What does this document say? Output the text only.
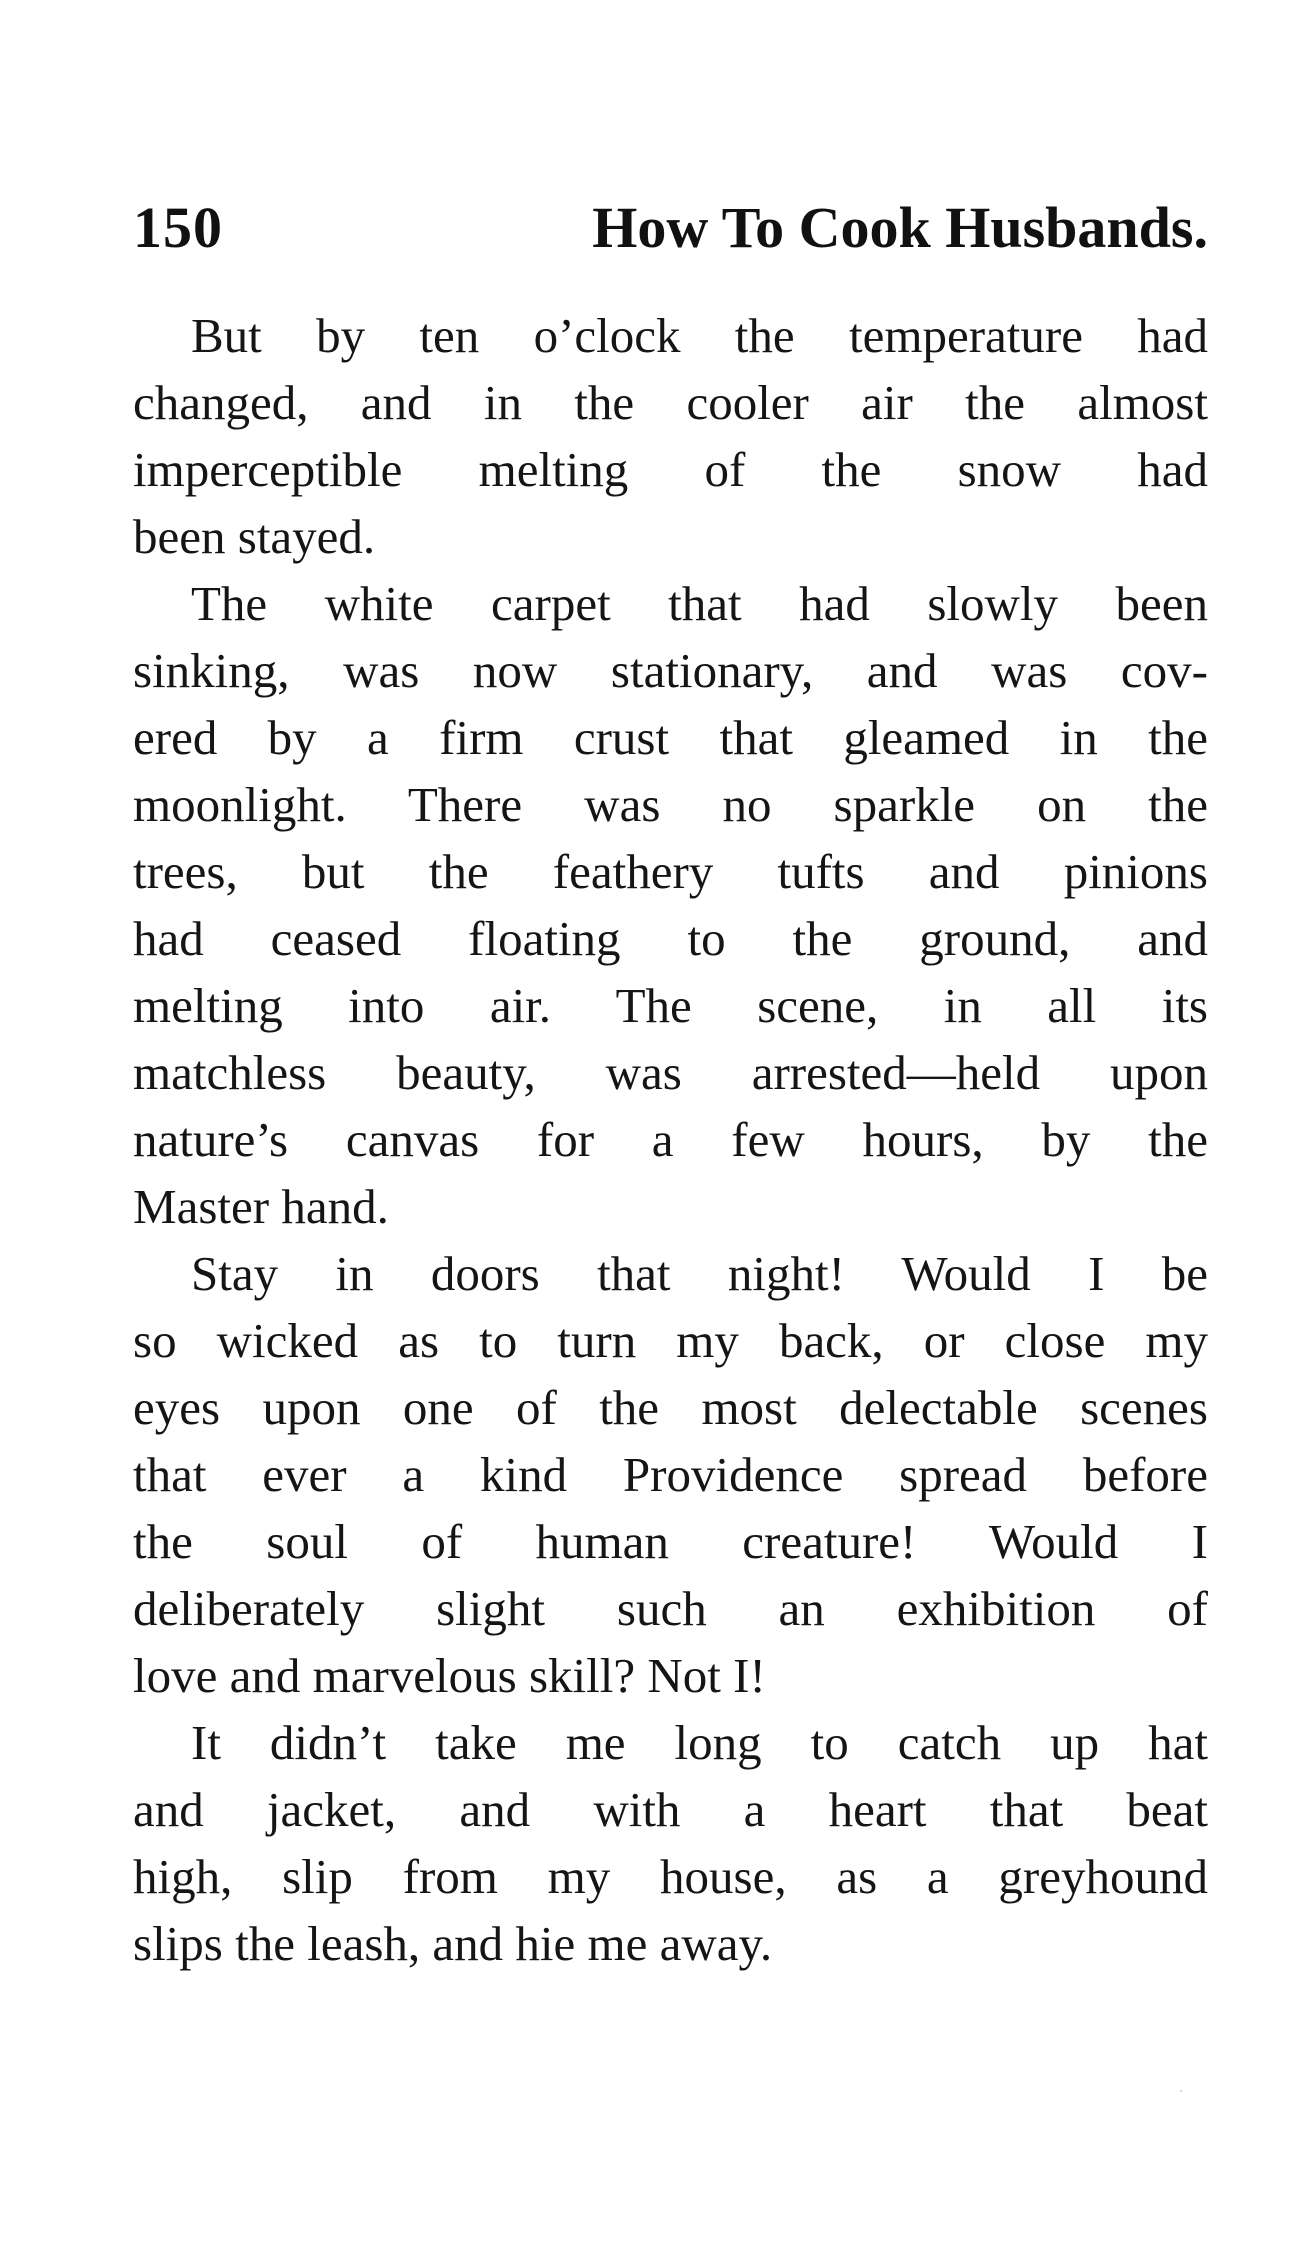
150	How To Cook Husbands.

But by ten o’clock the temperature had
changed, and in the cooler air the almost
imperceptible melting of the snow had
been stayed.

The white carpet that had slowly been
sinking, was now stationary, and was cov-
ered by a firm crust that gleamed in the
moonlight. There was no sparkle on the
trees, but the feathery tufts and pinions
had ceased floating to the ground, and
melting into air. The scene, in all its
matchless beauty, was arrested—held upon
nature’s canvas for a few hours, by the
Master hand.

Stay in doors that night! Would I be
so wicked as to turn my back, or close my
eyes upon one of the most delectable scenes
that ever a kind Providence spread before
the soul of human creature! Would I
deliberately slight such an exhibition of
love and marvelous skill? Not I!

It didn’t take me long to catch up hat
and jacket, and with a heart that beat
high, slip from my house, as a greyhound
slips the leash, and hie me away.
